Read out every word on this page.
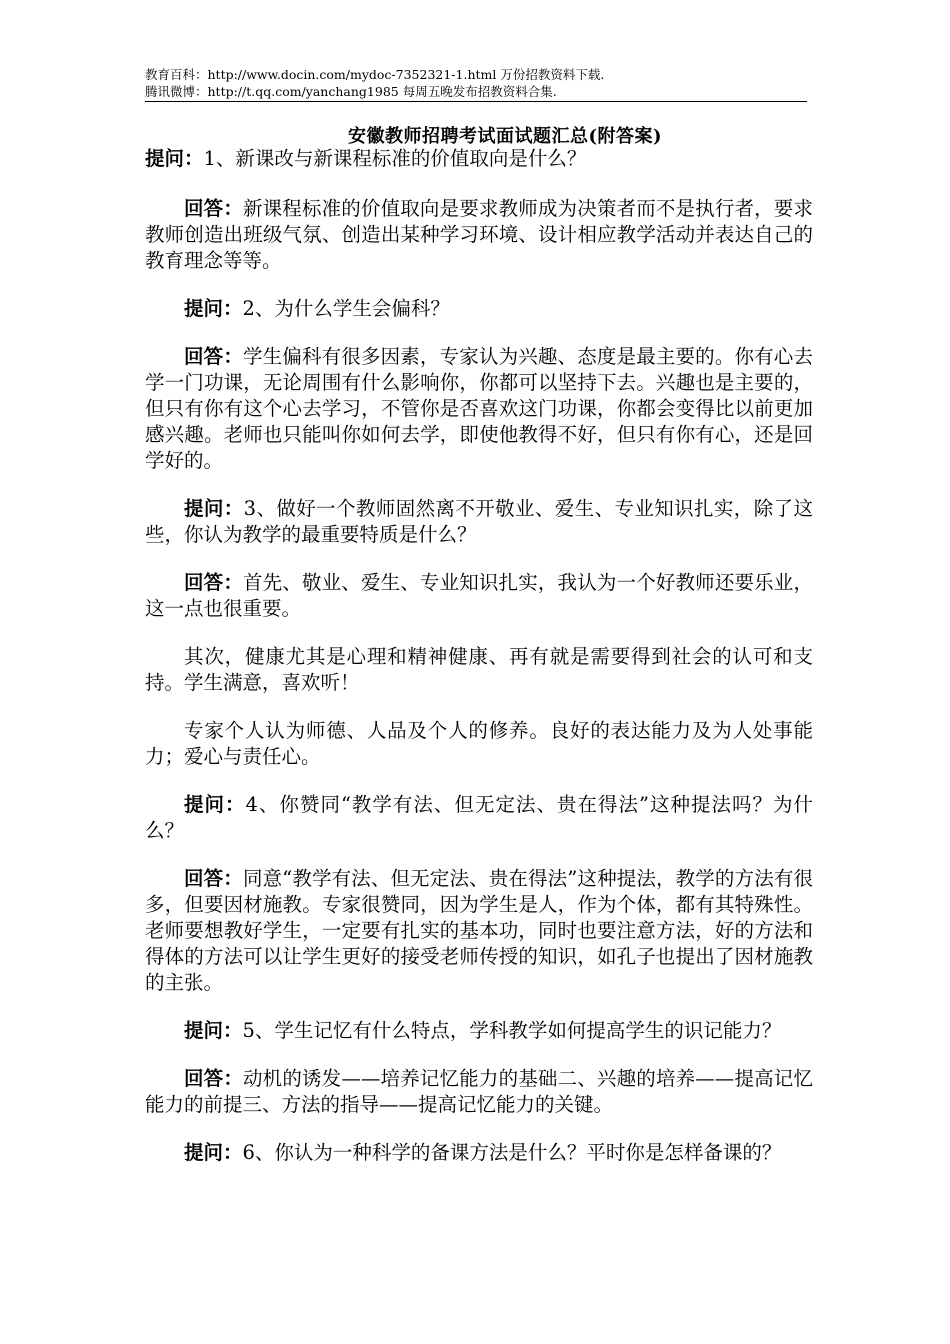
教育百科：http://www.docin.com/mydoc-7352321-1.html 万份招教资料下载.
腾讯微博：http://t.qq.com/yanchang1985 每周五晚发布招教资料合集.
安徽教师招聘考试面试题汇总(附答案)

提问：1、新课改与新课程标准的价值取向是什么？

回答：新课程标准的价值取向是要求教师成为决策者而不是执行者，要求教师创造出班级气氛、创造出某种学习环境、设计相应教学活动并表达自己的教育理念等等。

提问：2、为什么学生会偏科？

回答：学生偏科有很多因素，专家认为兴趣、态度是最主要的。你有心去学一门功课，无论周围有什么影响你，你都可以坚持下去。兴趣也是主要的，但只有你有这个心去学习，不管你是否喜欢这门功课，你都会变得比以前更加感兴趣。老师也只能叫你如何去学，即使他教得不好，但只有你有心，还是回学好的。

提问：3、做好一个教师固然离不开敬业、爱生、专业知识扎实，除了这些，你认为教学的最重要特质是什么？

回答：首先、敬业、爱生、专业知识扎实，我认为一个好教师还要乐业，这一点也很重要。

其次，健康尤其是心理和精神健康、再有就是需要得到社会的认可和支持。学生满意，喜欢听！

专家个人认为师德、人品及个人的修养。良好的表达能力及为人处事能力；爱心与责任心。

提问：4、你赞同“教学有法、但无定法、贵在得法”这种提法吗？为什么？

回答：同意“教学有法、但无定法、贵在得法”这种提法，教学的方法有很多，但要因材施教。专家很赞同，因为学生是人，作为个体，都有其特殊性。老师要想教好学生，一定要有扎实的基本功，同时也要注意方法，好的方法和得体的方法可以让学生更好的接受老师传授的知识，如孔子也提出了因材施教的主张。

提问：5、学生记忆有什么特点，学科教学如何提高学生的识记能力？

回答：动机的诱发——培养记忆能力的基础二、兴趣的培养——提高记忆能力的前提三、方法的指导——提高记忆能力的关键。

提问：6、你认为一种科学的备课方法是什么？平时你是怎样备课的？
